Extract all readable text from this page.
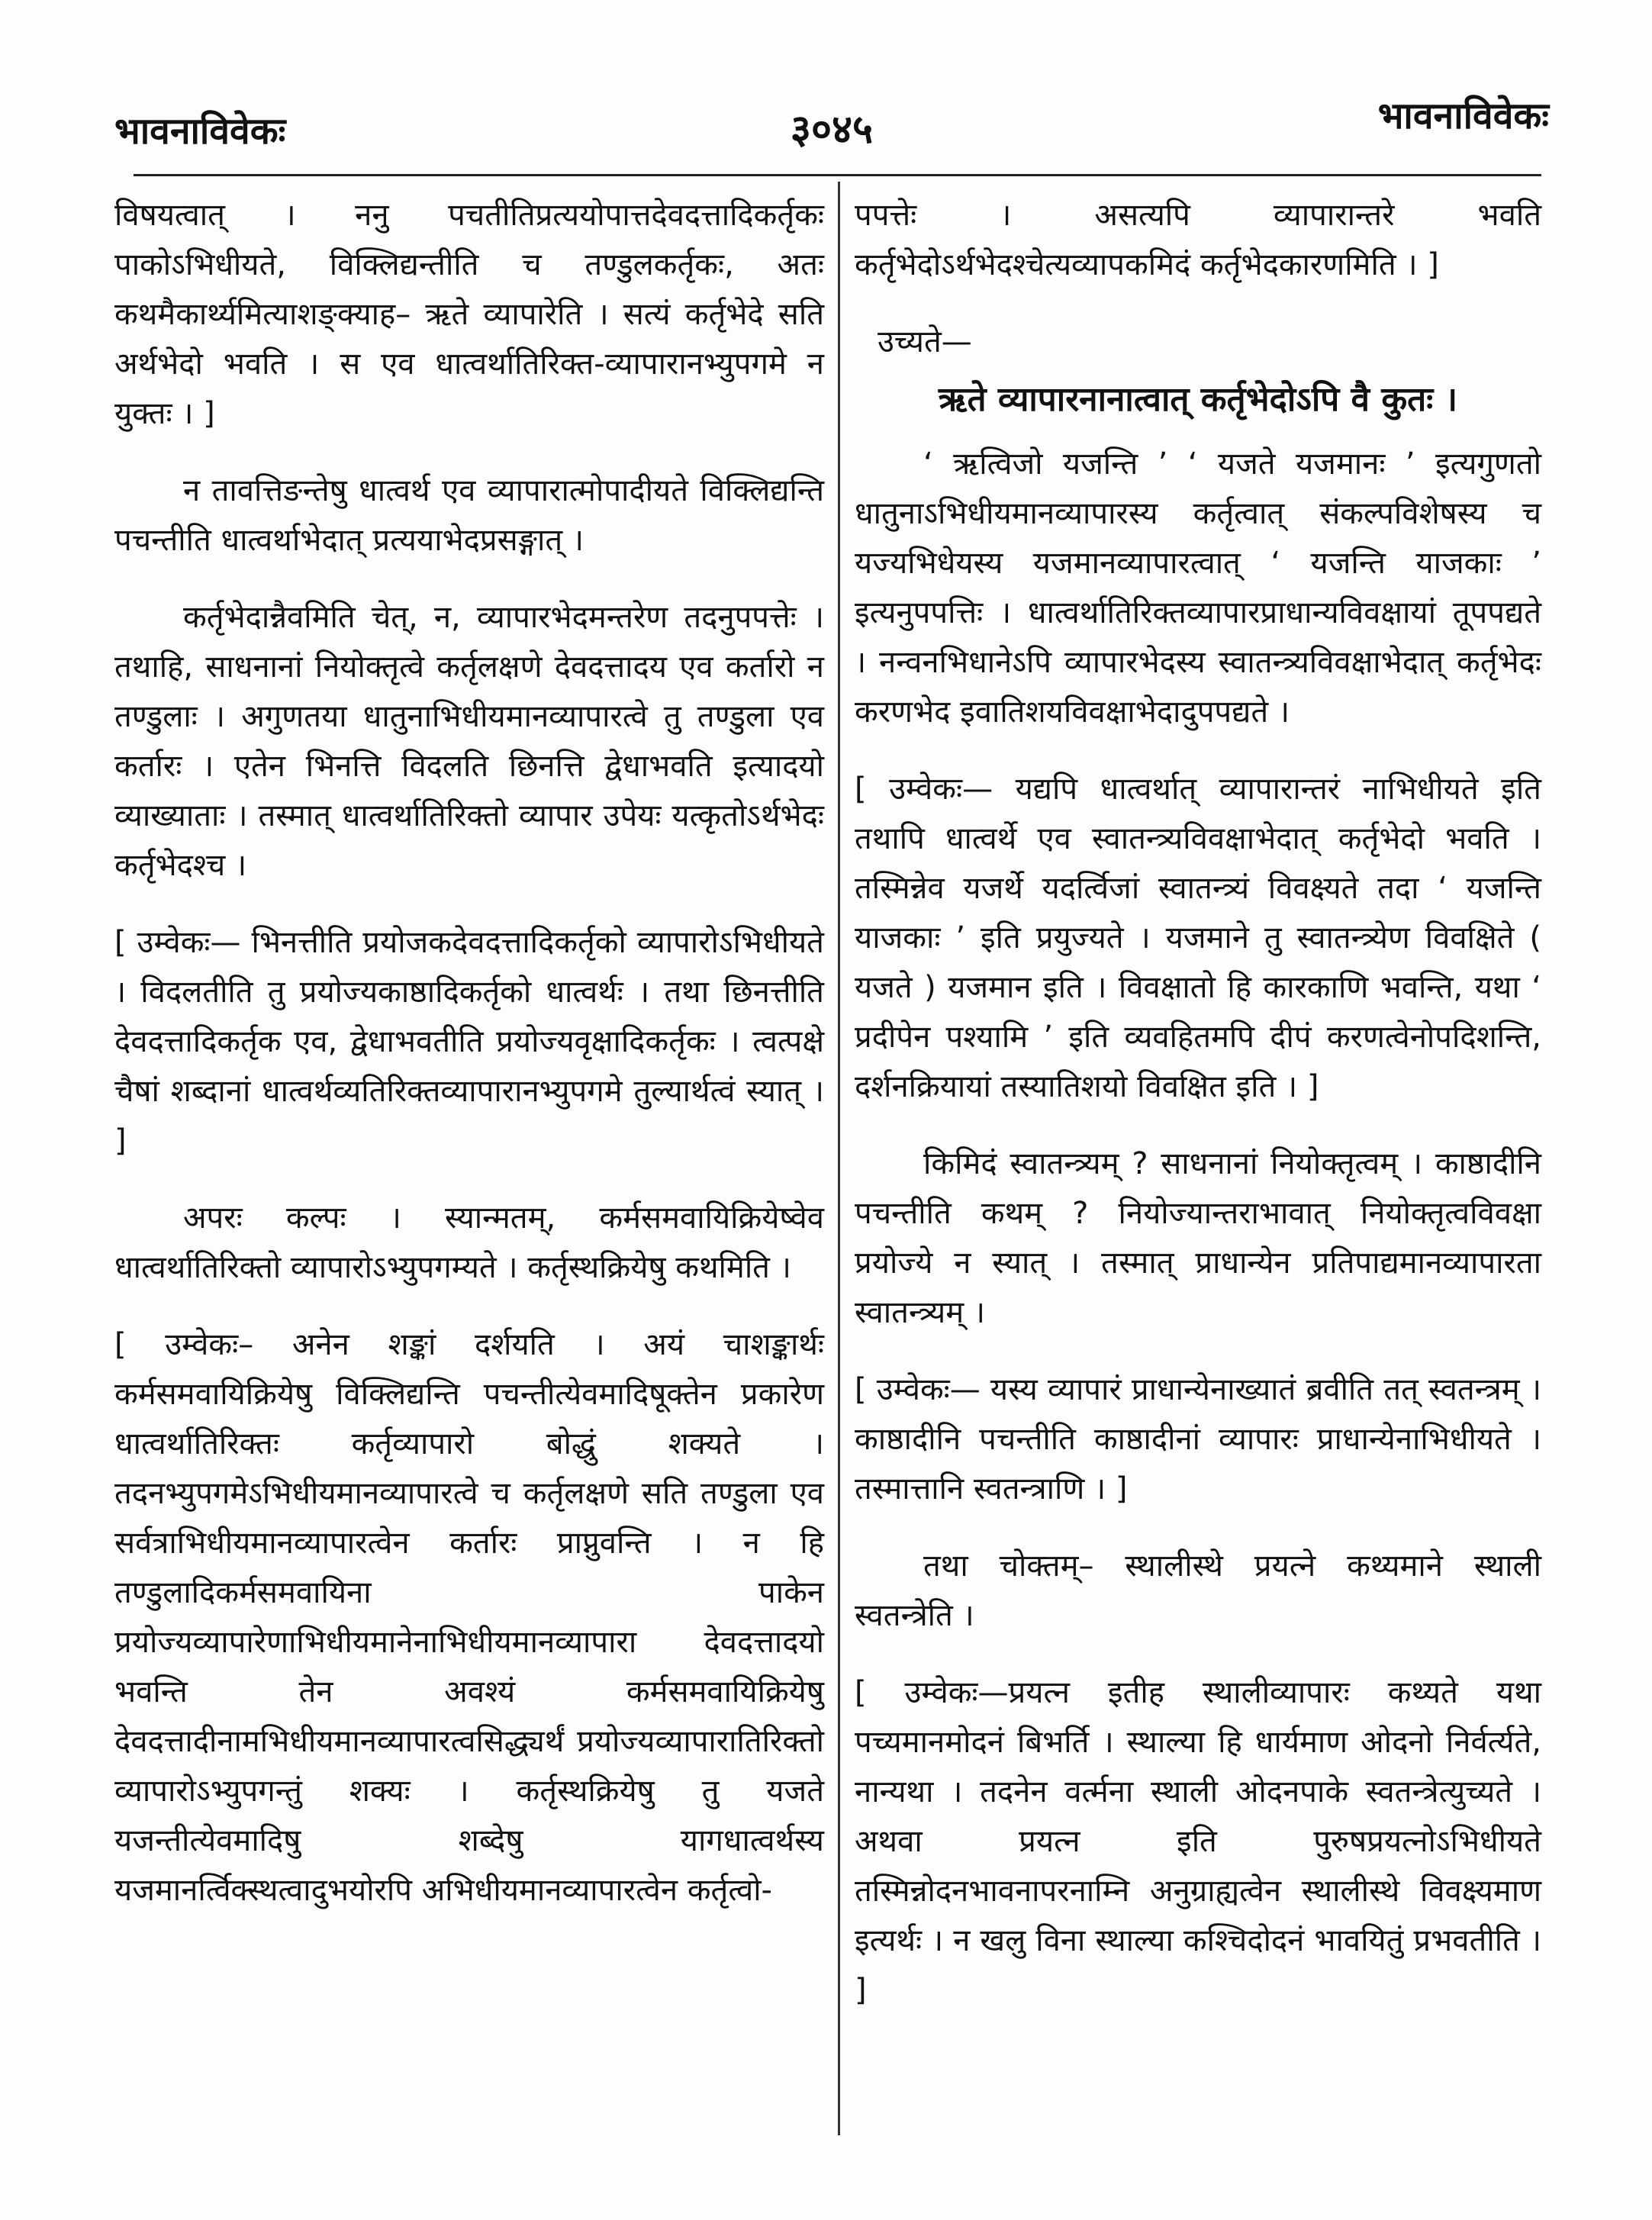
भावनाविवेकः	३०४५	भावनाविवेकः

विषयत्वात् । ननु पचतीतिप्रत्ययोपात्तदेवदत्तादिकर्तृकः पाकोऽभिधीयते, विक्लिद्यन्तीति च तण्डुलकर्तृकः, अतः कथमैकार्थ्यमित्याशङ्क्याह– ऋते व्यापारेति । सत्यं कर्तृभेदे सति अर्थभेदो भवति । स एव धात्वर्थातिरिक्त-व्यापारानभ्युपगमे न युक्तः । ]

न तावत्तिङन्तेषु धात्वर्थ एव व्यापारात्मोपादीयते विक्लिद्यन्ति पचन्तीति धात्वर्थाभेदात् प्रत्ययाभेदप्रसङ्गात् ।

कर्तृभेदान्नैवमिति चेत्, न, व्यापारभेदमन्तरेण तदनुपपत्तेः । तथाहि, साधनानां नियोक्तृत्वे कर्तृलक्षणे देवदत्तादय एव कर्तारो न तण्डुलाः । अगुणतया धातुनाभिधीयमानव्यापारत्वे तु तण्डुला एव कर्तारः । एतेन भिनत्ति विदलति छिनत्ति द्वेधाभवति इत्यादयो व्याख्याताः । तस्मात् धात्वर्थातिरिक्तो व्यापार उपेयः यत्कृतोऽर्थभेदः कर्तृभेदश्च ।

[ उम्वेकः— भिनत्तीति प्रयोजकदेवदत्तादिकर्तृको व्यापारोऽभिधीयते । विदलतीति तु प्रयोज्यकाष्ठादिकर्तृको धात्वर्थः । तथा छिनत्तीति देवदत्तादिकर्तृक एव, द्वेधाभवतीति प्रयोज्यवृक्षादिकर्तृकः । त्वत्पक्षे चैषां शब्दानां धात्वर्थव्यतिरिक्तव्यापारानभ्युपगमे तुल्यार्थत्वं स्यात् । ]

अपरः कल्पः । स्यान्मतम्, कर्मसमवायिक्रियेष्वेव धात्वर्थातिरिक्तो व्यापारोऽभ्युपगम्यते । कर्तृस्थक्रियेषु कथमिति ।

[ उम्वेकः– अनेन शङ्कां दर्शयति । अयं चाशङ्कार्थः कर्मसमवायिक्रियेषु विक्लिद्यन्ति पचन्तीत्येवमादिषूक्तेन प्रकारेण धात्वर्थातिरिक्तः कर्तृव्यापारो बोद्धुं शक्यते । तदनभ्युपगमेऽभिधीयमानव्यापारत्वे च कर्तृलक्षणे सति तण्डुला एव सर्वत्राभिधीयमानव्यापारत्वेन कर्तारः प्राप्नुवन्ति । न हि तण्डुलादिकर्मसमवायिना पाकेन प्रयोज्यव्यापारेणाभिधीयमानेनाभिधीयमानव्यापारा देवदत्तादयो भवन्ति तेन अवश्यं कर्मसमवायिक्रियेषु देवदत्तादीनामभिधीयमानव्यापारत्वसिद्ध्यर्थं प्रयोज्यव्यापारातिरिक्तो व्यापारोऽभ्युपगन्तुं शक्यः । कर्तृस्थक्रियेषु तु यजते यजन्तीत्येवमादिषु शब्देषु यागधात्वर्थस्य यजमानर्त्विक्स्थत्वादुभयोरपि अभिधीयमानव्यापारत्वेन कर्तृत्वो-

पपत्तेः । असत्यपि व्यापारान्तरे भवति कर्तृभेदोऽर्थभेदश्चेत्यव्यापकमिदं कर्तृभेदकारणमिति । ]

उच्यते—

ऋते व्यापारनानात्वात् कर्तृभेदोऽपि वै कुतः ।

‘ ऋत्विजो यजन्ति ’ ‘ यजते यजमानः ’ इत्यगुणतो धातुनाऽभिधीयमानव्यापारस्य कर्तृत्वात् संकल्पविशेषस्य च यज्यभिधेयस्य यजमानव्यापारत्वात् ‘ यजन्ति याजकाः ’ इत्यनुपपत्तिः । धात्वर्थातिरिक्तव्यापारप्राधान्यविवक्षायां तूपपद्यते । नन्वनभिधानेऽपि व्यापारभेदस्य स्वातन्त्र्यविवक्षाभेदात् कर्तृभेदः करणभेद इवातिशयविवक्षाभेदादुपपद्यते ।

[ उम्वेकः— यद्यपि धात्वर्थात् व्यापारान्तरं नाभिधीयते इति तथापि धात्वर्थे एव स्वातन्त्र्यविवक्षाभेदात् कर्तृभेदो भवति । तस्मिन्नेव यजर्थे यदर्त्विजां स्वातन्त्र्यं विवक्ष्यते तदा ‘ यजन्ति याजकाः ’ इति प्रयुज्यते । यजमाने तु स्वातन्त्र्येण विवक्षिते ( यजते ) यजमान इति । विवक्षातो हि कारकाणि भवन्ति, यथा ‘ प्रदीपेन पश्यामि ’ इति व्यवहितमपि दीपं करणत्वेनोपदिशन्ति, दर्शनक्रियायां तस्यातिशयो विवक्षित इति । ]

किमिदं स्वातन्त्र्यम् ? साधनानां नियोक्तृत्वम् । काष्ठादीनि पचन्तीति कथम् ? नियोज्यान्तराभावात् नियोक्तृत्वविवक्षा प्रयोज्ये न स्यात् । तस्मात् प्राधान्येन प्रतिपाद्यमानव्यापारता स्वातन्त्र्यम् ।

[ उम्वेकः— यस्य व्यापारं प्राधान्येनाख्यातं ब्रवीति तत् स्वतन्त्रम् । काष्ठादीनि पचन्तीति काष्ठादीनां व्यापारः प्राधान्येनाभिधीयते । तस्मात्तानि स्वतन्त्राणि । ]

तथा चोक्तम्– स्थालीस्थे प्रयत्ने कथ्यमाने स्थाली स्वतन्त्रेति ।

[ उम्वेकः—प्रयत्न इतीह स्थालीव्यापारः कथ्यते यथा पच्यमानमोदनं बिभर्ति । स्थाल्या हि धार्यमाण ओदनो निर्वर्त्यते, नान्यथा । तदनेन वर्त्मना स्थाली ओदनपाके स्वतन्त्रेत्युच्यते । अथवा प्रयत्न इति पुरुषप्रयत्नोऽभिधीयते तस्मिन्नोदनभावनापरनाम्नि अनुग्राह्यत्वेन स्थालीस्थे विवक्ष्यमाण इत्यर्थः । न खलु विना स्थाल्या कश्चिदोदनं भावयितुं प्रभवतीति । ]
